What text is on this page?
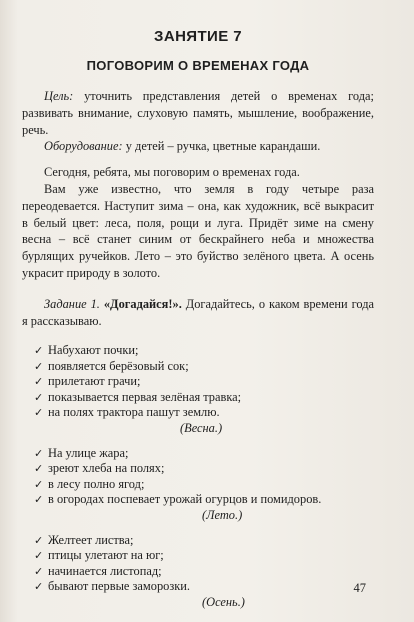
ЗАНЯТИЕ 7
ПОГОВОРИМ О ВРЕМЕНАХ ГОДА

Цель: уточнить представления детей о временах года; развивать внимание, слуховую память, мышление, воображение, речь.

Оборудование: у детей – ручка, цветные карандаши.

Сегодня, ребята, мы поговорим о временах года.

Вам уже известно, что земля в году четыре раза переодевается. Наступит зима – она, как художник, всё выкрасит в белый цвет: леса, поля, рощи и луга. Придёт зиме на смену весна – всё станет синим от бескрайнего неба и множества бурлящих ручейков. Лето – это буйство зелёного цвета. А осень украсит природу в золото.

Задание 1. «Догадайся!». Догадайтесь, о каком времени года я рассказываю.

✓ Набухают почки;
✓ появляется берёзовый сок;
✓ прилетают грачи;
✓ показывается первая зелёная травка;
✓ на полях трактора пашут землю.
(Весна.)
✓ На улице жара;
✓ зреют хлеба на полях;
✓ в лесу полно ягод;
✓ в огородах поспевает урожай огурцов и помидоров.
(Лето.)
✓ Желтеет листва;
✓ птицы улетают на юг;
✓ начинается листопад;
✓ бывают первые заморозки.
(Осень.)
47
